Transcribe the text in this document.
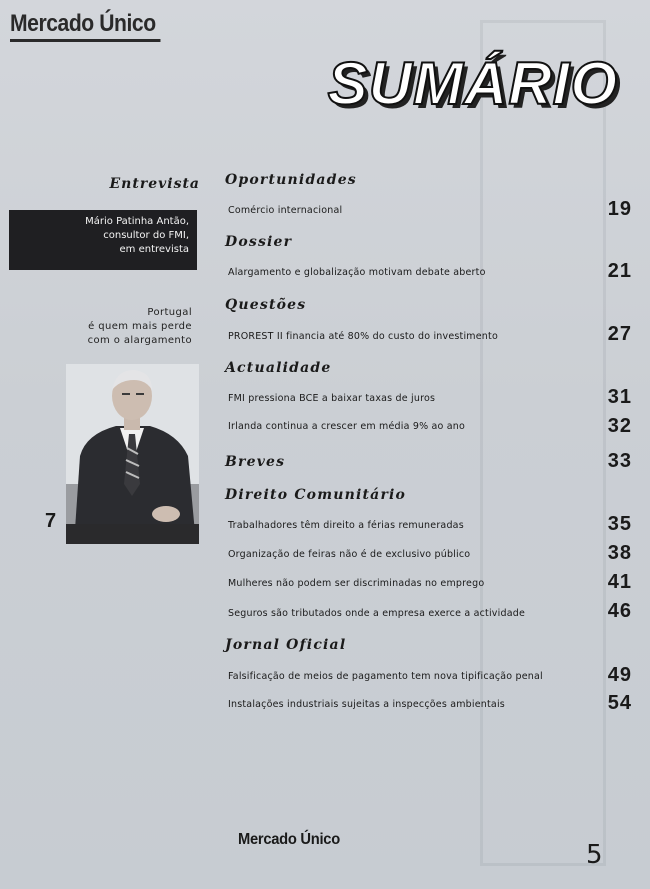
Mercado Único
SUMÁRIO
Entrevista
Mário Patinha Antão,
consultor do FMI,
em entrevista
Portugal
é quem mais perde
com o alargamento
7
Oportunidades
Comércio internacional	19
Dossier
Alargamento e globalização motivam debate aberto	21
Questões
PROREST II financia até 80% do custo do investimento	27
Actualidade
FMI pressiona BCE a baixar taxas de juros	31
Irlanda continua a crescer em média 9% ao ano	32
Breves	33
Direito Comunitário
Trabalhadores têm direito a férias remuneradas	35
Organização de feiras não é de exclusivo público	38
Mulheres não podem ser discriminadas no emprego	41
Seguros são tributados onde a empresa exerce a actividade	46
Jornal Oficial
Falsificação de meios de pagamento tem nova tipificação penal	49
Instalações industriais sujeitas a inspecções ambientais	54
Mercado Único
5
